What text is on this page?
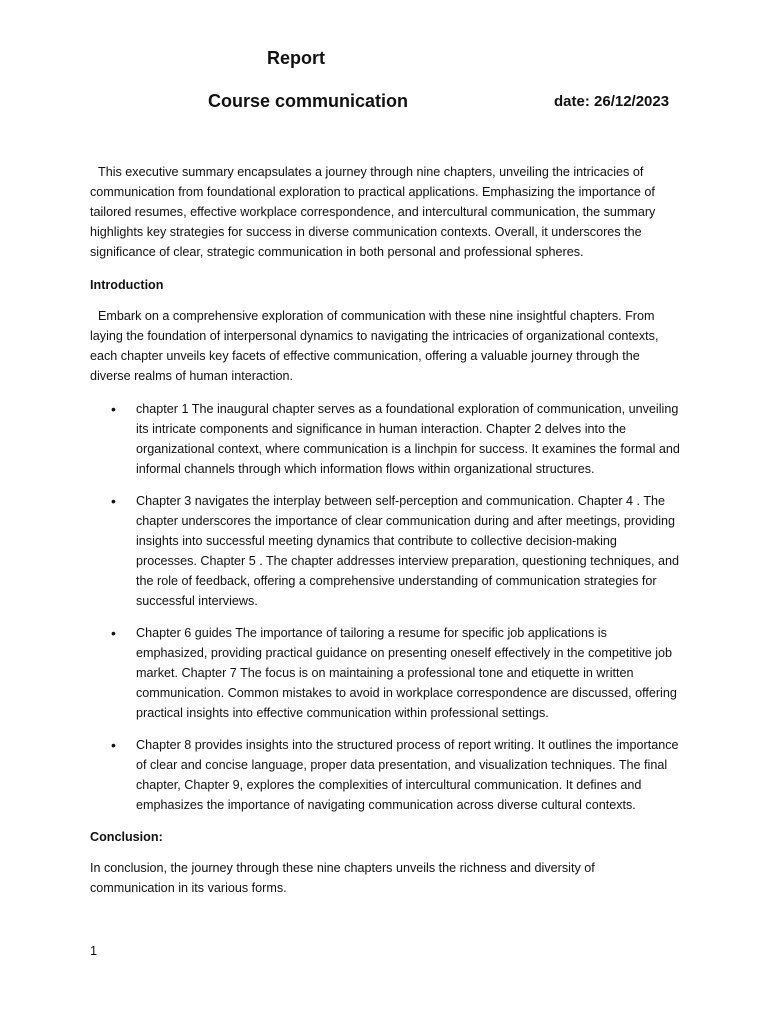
Report
Course communication	date: 26/12/2023

This executive summary encapsulates a journey through nine chapters, unveiling the intricacies of communication from foundational exploration to practical applications. Emphasizing the importance of tailored resumes, effective workplace correspondence, and intercultural communication, the summary highlights key strategies for success in diverse communication contexts. Overall, it underscores the significance of clear, strategic communication in both personal and professional spheres.

Introduction

Embark on a comprehensive exploration of communication with these nine insightful chapters. From laying the foundation of interpersonal dynamics to navigating the intricacies of organizational contexts, each chapter unveils key facets of effective communication, offering a valuable journey through the diverse realms of human interaction.

• chapter 1 The inaugural chapter serves as a foundational exploration of communication, unveiling its intricate components and significance in human interaction. Chapter 2 delves into the organizational context, where communication is a linchpin for success. It examines the formal and informal channels through which information flows within organizational structures.
• Chapter 3 navigates the interplay between self-perception and communication. Chapter 4 . The chapter underscores the importance of clear communication during and after meetings, providing insights into successful meeting dynamics that contribute to collective decision-making processes. Chapter 5 . The chapter addresses interview preparation, questioning techniques, and the role of feedback, offering a comprehensive understanding of communication strategies for successful interviews.
• Chapter 6 guides The importance of tailoring a resume for specific job applications is emphasized, providing practical guidance on presenting oneself effectively in the competitive job market. Chapter 7 The focus is on maintaining a professional tone and etiquette in written communication. Common mistakes to avoid in workplace correspondence are discussed, offering practical insights into effective communication within professional settings.
• Chapter 8 provides insights into the structured process of report writing. It outlines the importance of clear and concise language, proper data presentation, and visualization techniques. The final chapter, Chapter 9, explores the complexities of intercultural communication. It defines and emphasizes the importance of navigating communication across diverse cultural contexts.

Conclusion:

In conclusion, the journey through these nine chapters unveils the richness and diversity of communication in its various forms.

1
